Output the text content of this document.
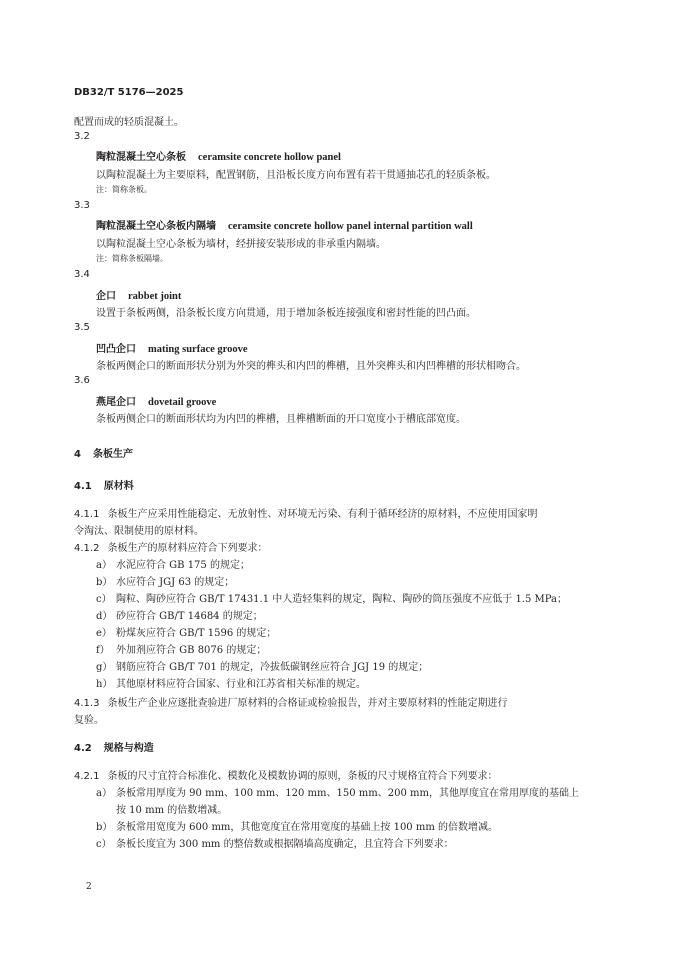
DB32/T 5176—2025
配置而成的轻质混凝土。
3.2
陶粒混凝土空心条板 ceramsite concrete hollow panel
以陶粒混凝土为主要原料，配置钢筋，且沿板长度方向布置有若干贯通抽芯孔的轻质条板。
注：简称条板。
3.3
陶粒混凝土空心条板内隔墙 ceramsite concrete hollow panel internal partition wall
以陶粒混凝土空心条板为墙材，经拼接安装形成的非承重内隔墙。
注：简称条板隔墙。
3.4
企口 rabbet joint
设置于条板两侧，沿条板长度方向贯通，用于增加条板连接强度和密封性能的凹凸面。
3.5
凹凸企口 mating surface groove
条板两侧企口的断面形状分别为外突的榫头和内凹的榫槽，且外突榫头和内凹榫槽的形状相吻合。
3.6
燕尾企口 dovetail groove
条板两侧企口的断面形状均为内凹的榫槽，且榫槽断面的开口宽度小于槽底部宽度。
4 条板生产
4.1 原材料
4.1.1 条板生产应采用性能稳定、无放射性、对环境无污染、有利于循环经济的原材料，不应使用国家明
令淘汰、限制使用的原材料。
4.1.2 条板生产的原材料应符合下列要求：
a） 水泥应符合 GB 175 的规定；
b） 水应符合 JGJ 63 的规定；
c） 陶粒、陶砂应符合 GB/T 17431.1 中人造轻集料的规定，陶粒、陶砂的筒压强度不应低于 1.5 MPa；
d） 砂应符合 GB/T 14684 的规定；
e） 粉煤灰应符合 GB/T 1596 的规定；
f） 外加剂应符合 GB 8076 的规定；
g） 钢筋应符合 GB/T 701 的规定，冷拔低碳钢丝应符合 JGJ 19 的规定；
h） 其他原材料应符合国家、行业和江苏省相关标准的规定。
4.1.3 条板生产企业应逐批查验进厂原材料的合格证或检验报告，并对主要原材料的性能定期进行
复验。
4.2 规格与构造
4.2.1 条板的尺寸宜符合标准化、模数化及模数协调的原则，条板的尺寸规格宜符合下列要求：
a） 条板常用厚度为 90 mm、100 mm、120 mm、150 mm、200 mm，其他厚度宜在常用厚度的基础上
按 10 mm 的倍数增减。
b） 条板常用宽度为 600 mm，其他宽度宜在常用宽度的基础上按 100 mm 的倍数增减。
c） 条板长度宜为 300 mm 的整倍数或根据隔墙高度确定，且宜符合下列要求：
2
